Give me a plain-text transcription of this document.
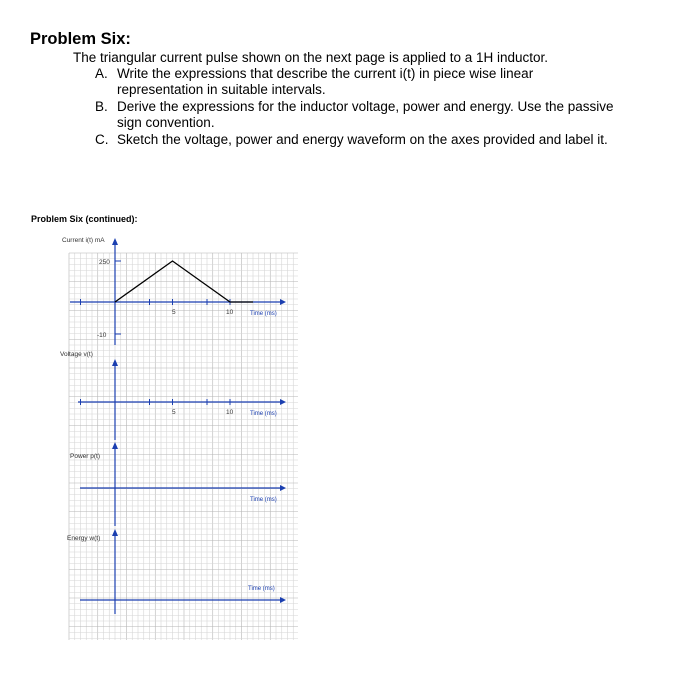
Problem Six:
The triangular current pulse shown on the next page is applied to a 1H inductor.
A. Write the expressions that describe the current i(t) in piece wise linear representation in suitable intervals.
B. Derive the expressions for the inductor voltage, power and energy. Use the passive sign convention.
C. Sketch the voltage, power and energy waveform on the axes provided and label it.
Problem Six (continued):
Current i(t) mA
250
-10
5	10	Time (ms)
Voltage v(t)
5	10	Time (ms)
Power p(t)
Time (ms)
Energy w(t)
Time (ms)
